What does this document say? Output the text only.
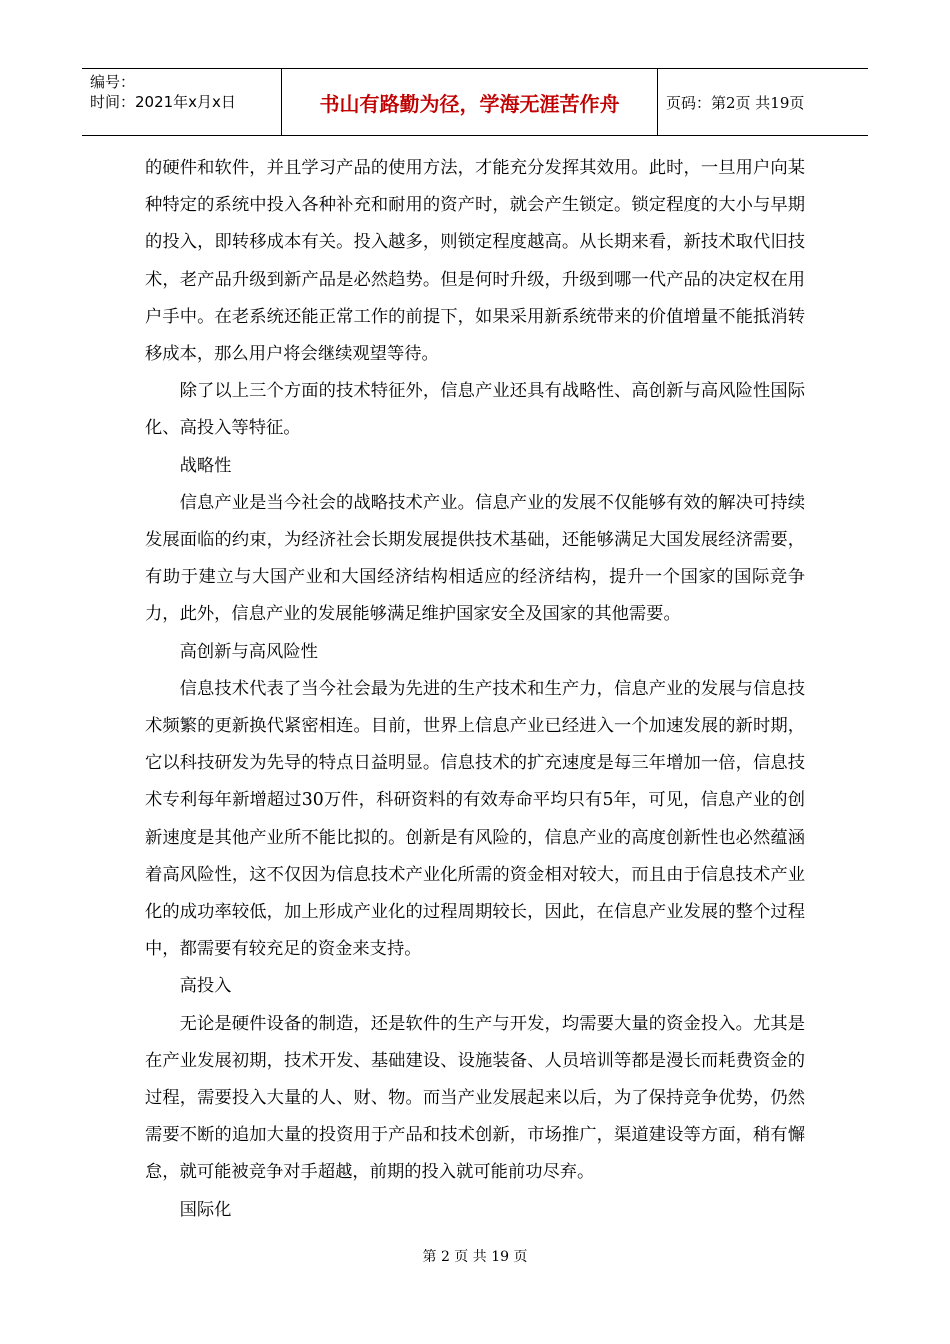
编号：
时间：2021年x月x日	书山有路勤为径，学海无涯苦作舟	页码：第2页 共19页

的硬件和软件，并且学习产品的使用方法，才能充分发挥其效用。此时，一旦用户向某种特定的系统中投入各种补充和耐用的资产时，就会产生锁定。锁定程度的大小与早期的投入，即转移成本有关。投入越多，则锁定程度越高。从长期来看，新技术取代旧技术，老产品升级到新产品是必然趋势。但是何时升级，升级到哪一代产品的决定权在用户手中。在老系统还能正常工作的前提下，如果采用新系统带来的价值增量不能抵消转移成本，那么用户将会继续观望等待。

除了以上三个方面的技术特征外，信息产业还具有战略性、高创新与高风险性国际化、高投入等特征。

战略性

信息产业是当今社会的战略技术产业。信息产业的发展不仅能够有效的解决可持续发展面临的约束，为经济社会长期发展提供技术基础，还能够满足大国发展经济需要，有助于建立与大国产业和大国经济结构相适应的经济结构，提升一个国家的国际竞争力，此外，信息产业的发展能够满足维护国家安全及国家的其他需要。

高创新与高风险性

信息技术代表了当今社会最为先进的生产技术和生产力，信息产业的发展与信息技术频繁的更新换代紧密相连。目前，世界上信息产业已经进入一个加速发展的新时期，它以科技研发为先导的特点日益明显。信息技术的扩充速度是每三年增加一倍，信息技术专利每年新增超过30万件，科研资料的有效寿命平均只有5年，可见，信息产业的创新速度是其他产业所不能比拟的。创新是有风险的，信息产业的高度创新性也必然蕴涵着高风险性，这不仅因为信息技术产业化所需的资金相对较大，而且由于信息技术产业化的成功率较低，加上形成产业化的过程周期较长，因此，在信息产业发展的整个过程中，都需要有较充足的资金来支持。

高投入

无论是硬件设备的制造，还是软件的生产与开发，均需要大量的资金投入。尤其是在产业发展初期，技术开发、基础建设、设施装备、人员培训等都是漫长而耗费资金的过程，需要投入大量的人、财、物。而当产业发展起来以后，为了保持竞争优势，仍然需要不断的追加大量的投资用于产品和技术创新，市场推广，渠道建设等方面，稍有懈怠，就可能被竞争对手超越，前期的投入就可能前功尽弃。

国际化

第 2 页 共 19 页
